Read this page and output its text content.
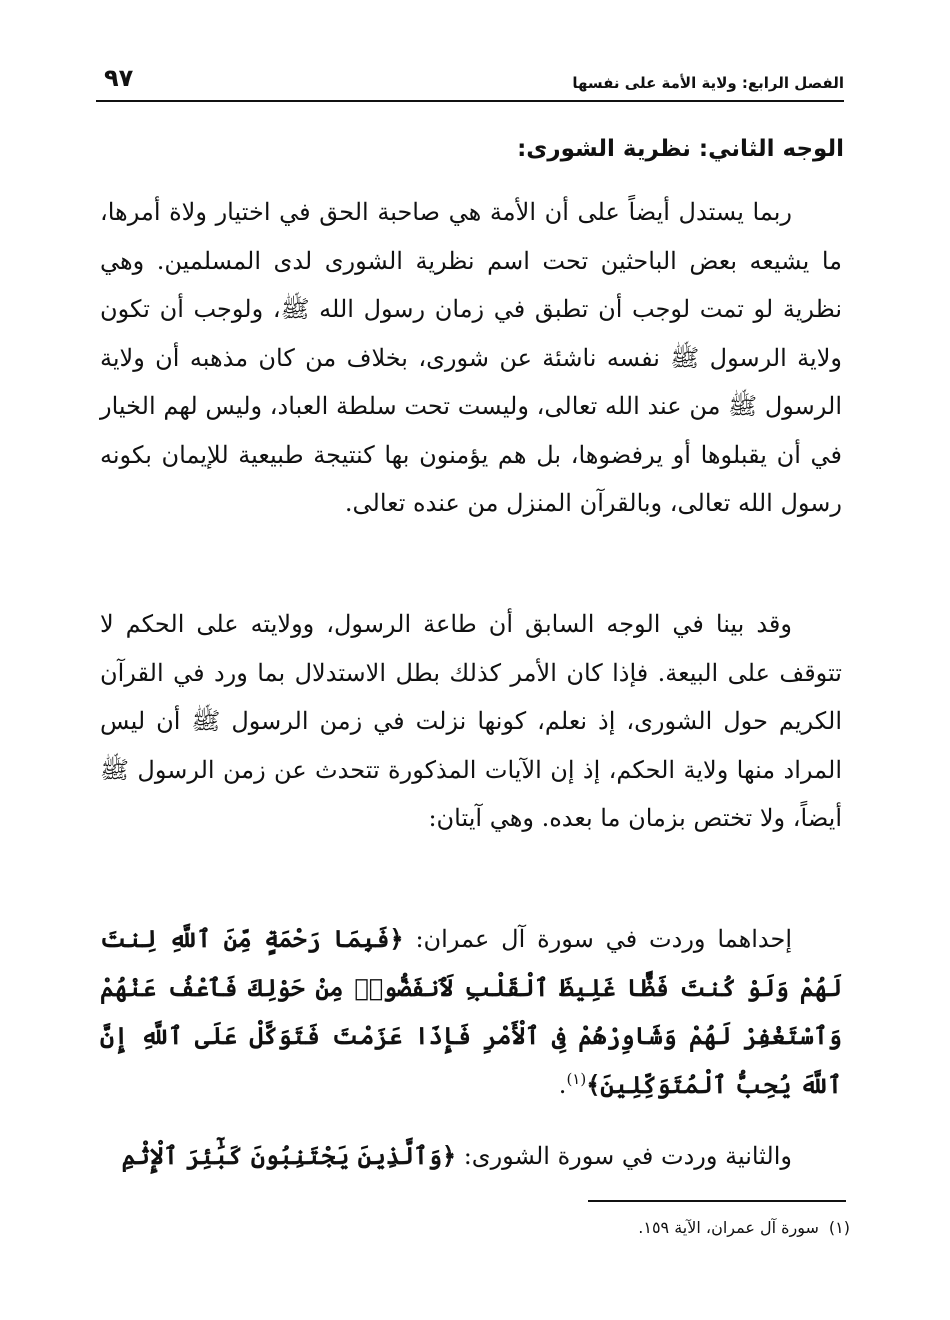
الفصل الرابع: ولاية الأمة على نفسها
٩٧
الوجه الثاني: نظرية الشورى:

ربما يستدل أيضاً على أن الأمة هي صاحبة الحق في اختيار ولاة أمرها، ما يشيعه بعض الباحثين تحت اسم نظرية الشورى لدى المسلمين. وهي نظرية لو تمت لوجب أن تطبق في زمان رسول الله ﷺ، ولوجب أن تكون ولاية الرسول ﷺ نفسه ناشئة عن شورى، بخلاف من كان مذهبه أن ولاية الرسول ﷺ من عند الله تعالى، وليست تحت سلطة العباد، وليس لهم الخيار في أن يقبلوها أو يرفضوها، بل هم يؤمنون بها كنتيجة طبيعية للإيمان بكونه رسول الله تعالى، وبالقرآن المنزل من عنده تعالى.

وقد بينا في الوجه السابق أن طاعة الرسول، وولايته على الحكم لا تتوقف على البيعة. فإذا كان الأمر كذلك بطل الاستدلال بما ورد في القرآن الكريم حول الشورى، إذ نعلم، كونها نزلت في زمن الرسول ﷺ أن ليس المراد منها ولاية الحكم، إذ إن الآيات المذكورة تتحدث عن زمن الرسول ﷺ أيضاً، ولا تختص بزمان ما بعده. وهي آيتان:

إحداهما وردت في سورة آل عمران: ﴿فَبِمَا رَحْمَةٍ مِّنَ ٱللَّهِ لِنتَ لَهُمْ وَلَوْ كُنتَ فَظًّا غَلِيظَ ٱلْقَلْبِ لَٱنفَضُّوا۟ مِنْ حَوْلِكَ فَٱعْفُ عَنْهُمْ وَٱسْتَغْفِرْ لَهُمْ وَشَاوِرْهُمْ فِى ٱلْأَمْرِ فَإِذَا عَزَمْتَ فَتَوَكَّلْ عَلَى ٱللَّهِ إِنَّ ٱللَّهَ يُحِبُّ ٱلْمُتَوَكِّلِينَ﴾$^{(١)}$.

والثانية وردت في سورة الشورى: ﴿وَٱلَّذِينَ يَجْتَنِبُونَ كَبَٰٓئِرَ ٱلْإِثْمِ

(١)سورة آل عمران، الآية ١٥٩.
